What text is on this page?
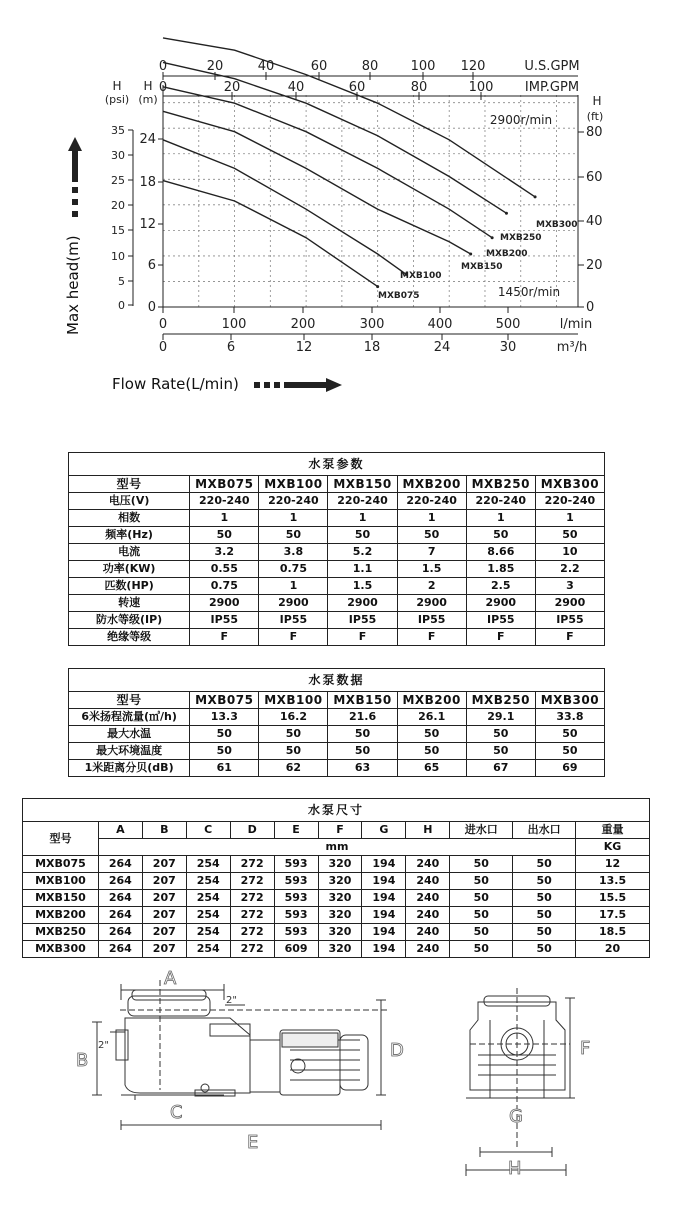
0	20	40	60	80 100 120	U.S.GPM
0	20	40	60	80	100 IMP.GPM
H
(psi)
0
5
10
15
20
25
30
35
H
(m)
0
6
12
18
24
H
(ft)
0
20
40
60
80
0	100	200	300	400	500	l/min
0	6	12	18	24	30	m³/h
2900r/min
1450r/min
MXB075
MXB100
MXB150
MXB200
MXB250
MXB300
Max head(m)
Flow Rate(L/min)
水泵参数						
型号	MXB075	MXB100	MXB150	MXB200	MXB250	MXB300
电压(V)	220-240	220-240	220-240	220-240	220-240	220-240
相数	1	1	1	1	1	1
频率(Hz)	50	50	50	50	50	50
电流	3.2	3.8	5.2	7	8.66	10
功率(KW)	0.55	0.75	1.1	1.5	1.85	2.2
匹数(HP)	0.75	1	1.5	2	2.5	3
转速	2900	2900	2900	2900	2900	2900
防水等级(IP)	IP55	IP55	IP55	IP55	IP55	IP55
绝缘等级	F	F	F	F	F	F
水泵数据						
型号	MXB075	MXB100	MXB150	MXB200	MXB250	MXB300
6米扬程流量(㎥/h)	13.3	16.2	21.6	26.1	29.1	33.8
最大水温	50	50	50	50	50	50
最大环境温度	50	50	50	50	50	50
1米距离分贝(dB)	61	62	63	65	67	69
水泵尺寸											
型号	A	B	C	D	E	F	G	H	进水口	出水口	重量
	mm										KG
MXB075	264	207	254	272	593	320	194	240	50	50	12
MXB100	264	207	254	272	593	320	194	240	50	50	13.5
MXB150	264	207	254	272	593	320	194	240	50	50	15.5
MXB200	264	207	254	272	593	320	194	240	50	50	17.5
MXB250	264	207	254	272	593	320	194	240	50	50	18.5
MXB300	264	207	254	272	609	320	194	240	50	50	20
A
B
C
D
E
F
G
H
2"
2"
